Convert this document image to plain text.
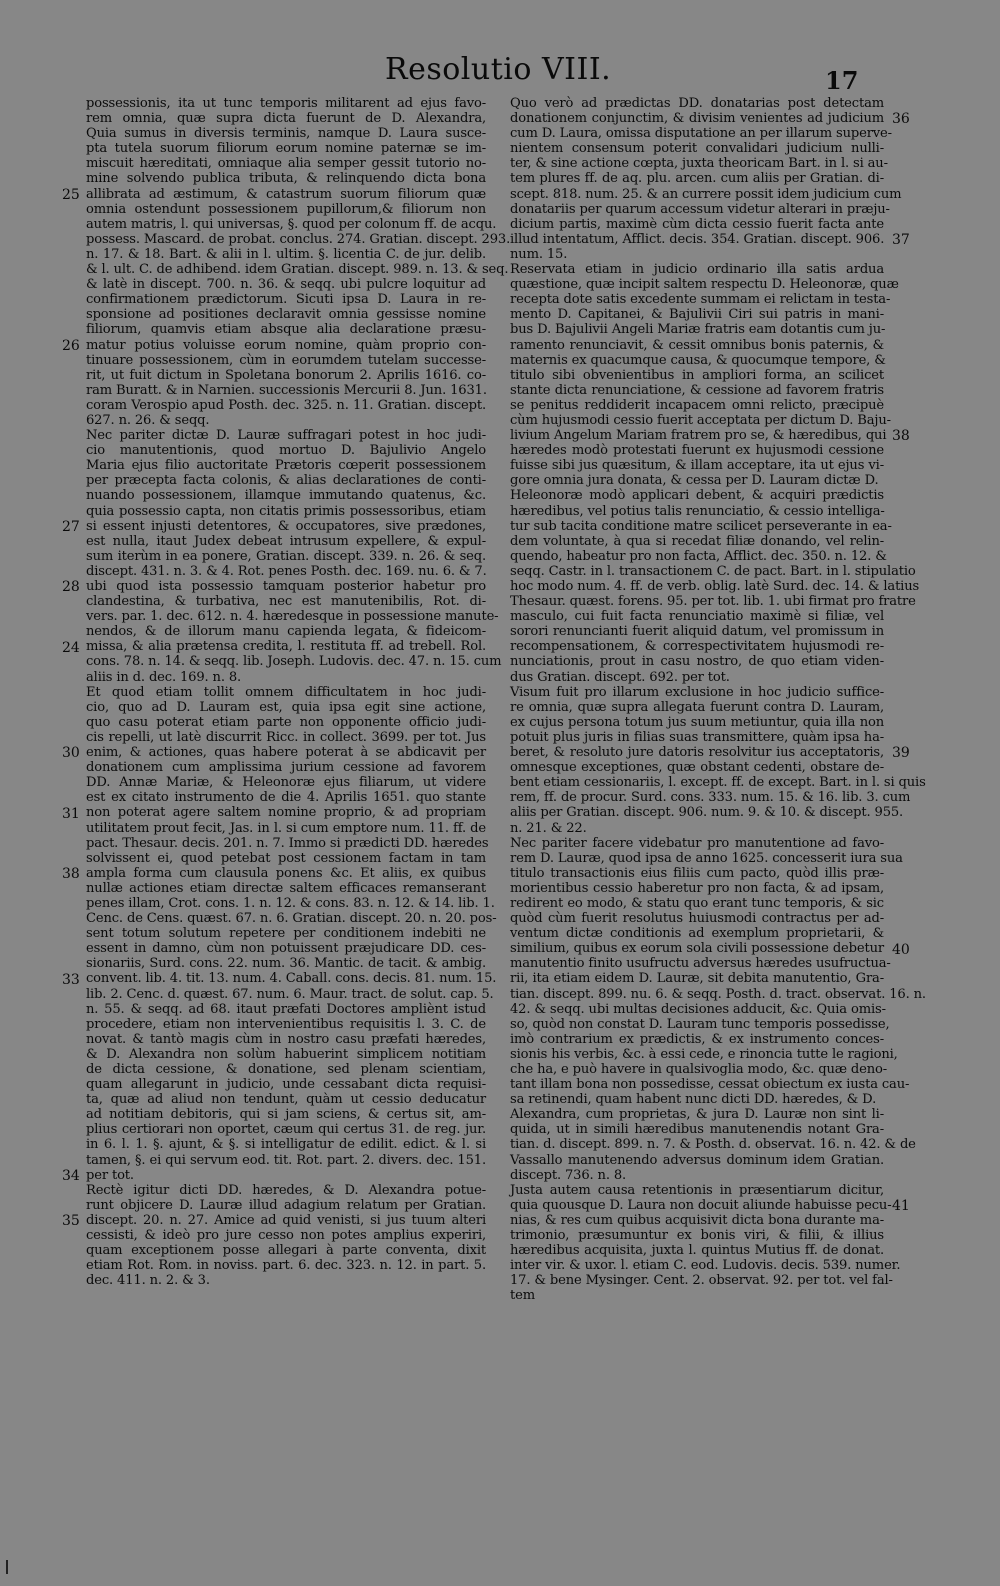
Resolutio VIII.	17
possessionis, ita ut tunc temporis militarent ad ejus favo-
rem omnia, quæ supra dicta fuerunt de D. Alexandra,
Quia sumus in diversis terminis, namque D. Laura susce-
pta tutela suorum filiorum eorum nomine paternæ se im-
miscuit hæreditati, omniaque alia semper gessit tutorio no-
mine solvendo publica tributa, & relinquendo dicta bona
allibrata ad æstimum, & catastrum suorum filiorum quæ
omnia ostendunt possessionem pupillorum,& filiorum non
autem matris, l. qui universas, §. quod per colonum ff. de acqu.
possess. Mascard. de probat. conclus. 274. Gratian. discept. 293.
n. 17. & 18. Bart. & alii in l. ultim. §. licentia C. de jur. delib.
& l. ult. C. de adhibend. idem Gratian. discept. 989. n. 13. & seq.
& latè in discept. 700. n. 36. & seqq. ubi pulcre loquitur ad
confirmationem prædictorum. Sicuti ipsa D. Laura in re-
sponsione ad positiones declaravit omnia gessisse nomine
filiorum, quamvis etiam absque alia declaratione præsu-
matur potius voluisse eorum nomine, quàm proprio con-
tinuare possessionem, cùm in eorumdem tutelam successe-
rit, ut fuit dictum in Spoletana bonorum 2. Aprilis 1616. co-
ram Buratt. & in Narnien. successionis Mercurii 8. Jun. 1631.
coram Verospio apud Posth. dec. 325. n. 11. Gratian. discept.
627. n. 26. & seqq.
Nec pariter dictæ D. Lauræ suffragari potest in hoc judi-
cio manutentionis, quod mortuo D. Bajulivio Angelo
Maria ejus filio auctoritate Prætoris cœperit possessionem
per præcepta facta colonis, & alias declarationes de conti-
nuando possessionem, illamque immutando quatenus, &c.
quia possessio capta, non citatis primis possessoribus, etiam
si essent injusti detentores, & occupatores, sive prædones,
est nulla, itaut Judex debeat intrusum expellere, & expul-
sum iterùm in ea ponere, Gratian. discept. 339. n. 26. & seq.
discept. 431. n. 3. & 4. Rot. penes Posth. dec. 169. nu. 6. & 7.
ubi quod ista possessio tamquam posterior habetur pro
clandestina, & turbativa, nec est manutenibilis, Rot. di-
vers. par. 1. dec. 612. n. 4. hæredesque in possessione manute-
nendos, & de illorum manu capienda legata, & fideicom-
missa, & alia prætensa credita, l. restituta ff. ad trebell. Rol.
cons. 78. n. 14. & seqq. lib. Joseph. Ludovis. dec. 47. n. 15. cum
aliis in d. dec. 169. n. 8.
Et quod etiam tollit omnem difficultatem in hoc judi-
cio, quo ad D. Lauram est, quia ipsa egit sine actione,
quo casu poterat etiam parte non opponente officio judi-
cis repelli, ut latè discurrit Ricc. in collect. 3699. per tot. Jus
enim, & actiones, quas habere poterat à se abdicavit per
donationem cum amplissima jurium cessione ad favorem
DD. Annæ Mariæ, & Heleonoræ ejus filiarum, ut videre
est ex citato instrumento de die 4. Aprilis 1651. quo stante
non poterat agere saltem nomine proprio, & ad propriam
utilitatem prout fecit, Jas. in l. si cum emptore num. 11. ff. de
pact. Thesaur. decis. 201. n. 7. Immo si prædicti DD. hæredes
solvissent ei, quod petebat post cessionem factam in tam
ampla forma cum clausula ponens &c. Et aliis, ex quibus
nullæ actiones etiam directæ saltem efficaces remanserant
penes illam, Crot. cons. 1. n. 12. & cons. 83. n. 12. & 14. lib. 1.
Cenc. de Cens. quæst. 67. n. 6. Gratian. discept. 20. n. 20. pos-
sent totum solutum repetere per conditionem indebiti ne
essent in damno, cùm non potuissent præjudicare DD. ces-
sionariis, Surd. cons. 22. num. 36. Mantic. de tacit. & ambig.
convent. lib. 4. tit. 13. num. 4. Caball. cons. decis. 81. num. 15.
lib. 2. Cenc. d. quæst. 67. num. 6. Maur. tract. de solut. cap. 5.
n. 55. & seqq. ad 68. itaut præfati Doctores ampliènt istud
procedere, etiam non intervenientibus requisitis l. 3. C. de
novat. & tantò magis cùm in nostro casu præfati hæredes,
& D. Alexandra non solùm habuerint simplicem notitiam
de dicta cessione, & donatione, sed plenam scientiam,
quam allegarunt in judicio, unde cessabant dicta requisi-
ta, quæ ad aliud non tendunt, quàm ut cessio deducatur
ad notitiam debitoris, qui si jam sciens, & certus sit, am-
plius certiorari non oportet, cæum qui certus 31. de reg. jur.
in 6. l. 1. §. ajunt, & §. si intelligatur de edilit. edict. & l. si
tamen, §. ei qui servum eod. tit. Rot. part. 2. divers. dec. 151.
per tot.
Rectè igitur dicti DD. hæredes, & D. Alexandra potue-
runt objicere D. Lauræ illud adagium relatum per Gratian.
discept. 20. n. 27. Amice ad quid venisti, si jus tuum alteri
cessisti, & ideò pro jure cesso non potes amplius experiri,
quam exceptionem posse allegari à parte conventa, dixit
etiam Rot. Rom. in noviss. part. 6. dec. 323. n. 12. in part. 5.
dec. 411. n. 2. & 3.
Quo verò ad prædictas DD. donatarias post detectam
donationem conjunctim, & divisim venientes ad judicium
cum D. Laura, omissa disputatione an per illarum superve-
nientem consensum poterit convalidari judicium nulli-
ter, & sine actione cœpta, juxta theoricam Bart. in l. si au-
tem plures ff. de aq. plu. arcen. cum aliis per Gratian. di-
scept. 818. num. 25. & an currere possit idem judicium cum
donatariis per quarum accessum videtur alterari in præju-
dicium partis, maximè cùm dicta cessio fuerit facta ante
illud intentatum, Afflict. decis. 354. Gratian. discept. 906.
num. 15.
Reservata etiam in judicio ordinario illa satis ardua
quæstione, quæ incipit saltem respectu D. Heleonoræ, quæ
recepta dote satis excedente summam ei relictam in testa-
mento D. Capitanei, & Bajulivii Ciri sui patris in mani-
bus D. Bajulivii Angeli Mariæ fratris eam dotantis cum ju-
ramento renunciavit, & cessit omnibus bonis paternis, &
maternis ex quacumque causa, & quocumque tempore, &
titulo sibi obvenientibus in ampliori forma, an scilicet
stante dicta renunciatione, & cessione ad favorem fratris
se penitus reddiderit incapacem omni relicto, præcipuè
cùm hujusmodi cessio fuerit acceptata per dictum D. Baju-
livium Angelum Mariam fratrem pro se, & hæredibus, qui
hæredes modò protestati fuerunt ex hujusmodi cessione
fuisse sibi jus quæsitum, & illam acceptare, ita ut ejus vi-
gore omnia jura donata, & cessa per D. Lauram dictæ D.
Heleonoræ modò applicari debent, & acquiri prædictis
hæredibus, vel potius talis renunciatio, & cessio intelliga-
tur sub tacita conditione matre scilicet perseverante in ea-
dem voluntate, à qua si recedat filiæ donando, vel relin-
quendo, habeatur pro non facta, Afflict. dec. 350. n. 12. &
seqq. Castr. in l. transactionem C. de pact. Bart. in l. stipulatio
hoc modo num. 4. ff. de verb. oblig. latè Surd. dec. 14. & latius
Thesaur. quæst. forens. 95. per tot. lib. 1. ubi firmat pro fratre
masculo, cui fuit facta renunciatio maximè si filiæ, vel
sorori renuncianti fuerit aliquid datum, vel promissum in
recompensationem, & correspectivitatem hujusmodi re-
nunciationis, prout in casu nostro, de quo etiam viden-
dus Gratian. discept. 692. per tot.
Visum fuit pro illarum exclusione in hoc judicio suffice-
re omnia, quæ supra allegata fuerunt contra D. Lauram,
ex cujus persona totum jus suum metiuntur, quia illa non
potuit plus juris in filias suas transmittere, quàm ipsa ha-
beret, & resoluto jure datoris resolvitur ius acceptatoris,
omnesque exceptiones, quæ obstant cedenti, obstare de-
bent etiam cessionariis, l. except. ff. de except. Bart. in l. si quis
rem, ff. de procur. Surd. cons. 333. num. 15. & 16. lib. 3. cum
aliis per Gratian. discept. 906. num. 9. & 10. & discept. 955.
n. 21. & 22.
Nec pariter facere videbatur pro manutentione ad favo-
rem D. Lauræ, quod ipsa de anno 1625. concesserit iura sua
titulo transactionis eius filiis cum pacto, quòd illis præ-
morientibus cessio haberetur pro non facta, & ad ipsam,
redirent eo modo, & statu quo erant tunc temporis, & sic
quòd cùm fuerit resolutus huiusmodi contractus per ad-
ventum dictæ conditionis ad exemplum proprietarii, &
similium, quibus ex eorum sola civili possessione debetur
manutentio finito usufructu adversus hæredes usufructua-
rii, ita etiam eidem D. Lauræ, sit debita manutentio, Gra-
tian. discept. 899. nu. 6. & seqq. Posth. d. tract. observat. 16. n.
42. & seqq. ubi multas decisiones adducit, &c. Quia omis-
so, quòd non constat D. Lauram tunc temporis possedisse,
imò contrarium ex prædictis, & ex instrumento conces-
sionis his verbis, &c. à essi cede, e rinoncia tutte le ragioni,
che ha, e può havere in qualsivoglia modo, &c. quæ deno-
tant illam bona non possedisse, cessat obiectum ex iusta cau-
sa retinendi, quam habent nunc dicti DD. hæredes, & D.
Alexandra, cum proprietas, & jura D. Lauræ non sint li-
quida, ut in simili hæredibus manutenendis notant Gra-
tian. d. discept. 899. n. 7. & Posth. d. observat. 16. n. 42. & de
Vassallo manutenendo adversus dominum idem Gratian.
discept. 736. n. 8.
Justa autem causa retentionis in præsentiarum dicitur,
quia quousque D. Laura non docuit aliunde habuisse pecu-
nias, & res cum quibus acquisivit dicta bona durante ma-
trimonio, præsumuntur ex bonis viri, & filii, & illius
hæredibus acquisita, juxta l. quintus Mutius ff. de donat.
inter vir. & uxor. l. etiam C. eod. Ludovis. decis. 539. numer.
17. & bene Mysinger. Cent. 2. observat. 92. per tot. vel fal-
tem
25
26
27
28
24
30
31
38
33
34
35
36
37
38
39
40
41
